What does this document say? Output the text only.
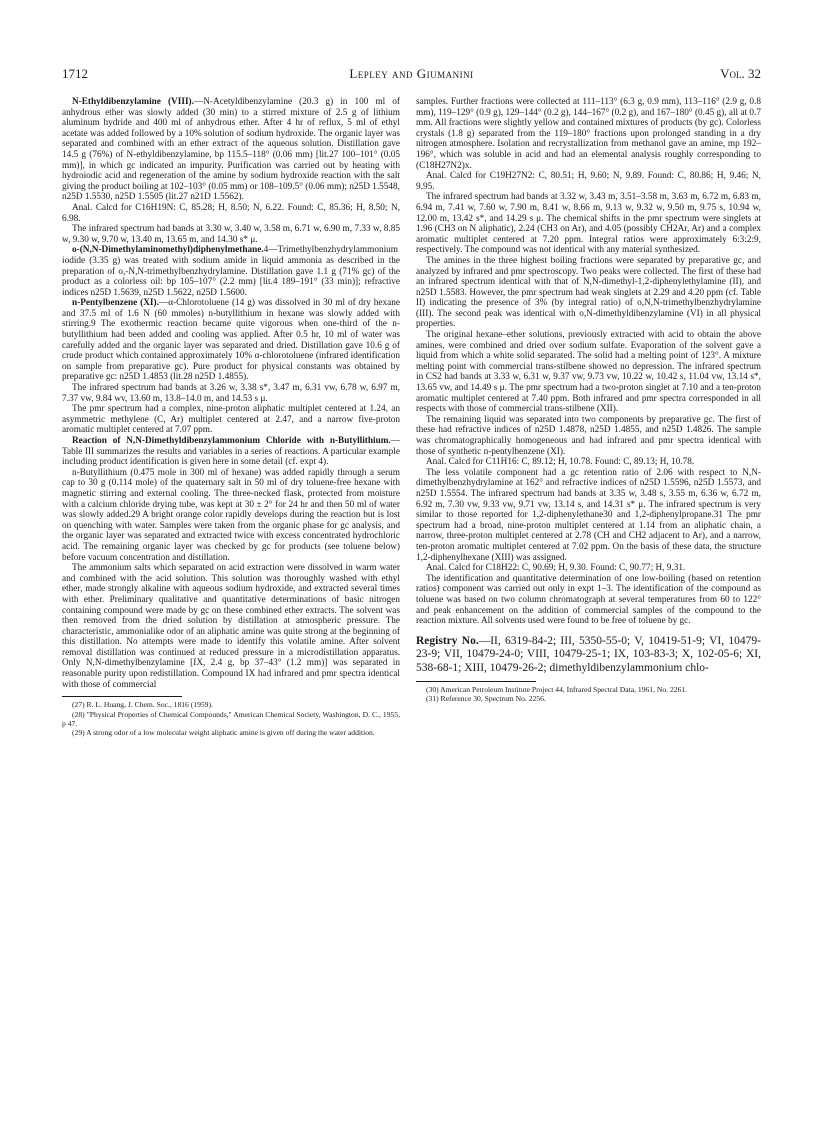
1712	Lepley and Giumanini	Vol. 32

N-Ethyldibenzylamine (VIII).—N-Acetyldibenzylamine (20.3 g) in 100 ml of anhydrous ether was slowly added (30 min) to a stirred mixture of 2.5 g of lithium aluminum hydride and 400 ml of anhydrous ether. After 4 hr of reflux, 5 ml of ethyl acetate was added followed by a 10% solution of sodium hydroxide. The organic layer was separated and combined with an ether extract of the aqueous solution. Distillation gave 14.5 g (76%) of N-ethyldibenzylamine, bp 115.5–118° (0.06 mm) [lit.27 100–101° (0.05 mm)], in which gc indicated an impurity. Purification was carried out by heating with hydroiodic acid and regeneration of the amine by sodium hydroxide reaction with the salt giving the product boiling at 102–103° (0.05 mm) or 108–109.5° (0.06 mm); n25D 1.5548, n25D 1.5530, n25D 1.5505 (lit.27 n21D 1.5562).

Anal. Calcd for C16H19N: C, 85.28; H, 8.50; N, 6.22. Found: C, 85.36; H, 8.50; N, 6.98.

The infrared spectrum had bands at 3.30 w, 3.40 w, 3.58 m, 6.71 w, 6.90 m, 7.33 w, 8.85 w, 9.30 w, 9.70 w, 13.40 m, 13.65 m, and 14.30 s* μ.

o-(N,N-Dimethylaminomethyl)diphenylmethane.4—Trimethylbenzhydrylammonium iodide (3.35 g) was treated with sodium amide in liquid ammonia as described in the preparation of o,-N,N-trimethylbenzhydrylamine. Distillation gave 1.1 g (71% gc) of the product as a colorless oil: bp 105–107° (2.2 mm) [lit.4 189–191° (33 min)]; refractive indices n25D 1.5639, n25D 1.5622, n25D 1.5600.

n-Pentylbenzene (XI).—α-Chlorotoluene (14 g) was dissolved in 30 ml of dry hexane and 37.5 ml of 1.6 N (60 mmoles) n-butyllithium in hexane was slowly added with stirring.9 The exothermic reaction became quite vigorous when one-third of the n-butyllithium had been added and cooling was applied. After 0.5 hr, 10 ml of water was carefully added and the organic layer was separated and dried. Distillation gave 10.6 g of crude product which contained approximately 10% α-chlorotoluene (infrared identification on sample from preparative gc). Pure product for physical constants was obtained by preparative gc: n25D 1.4853 (lit.28 n25D 1.4855).

The infrared spectrum had bands at 3.26 w, 3.38 s*, 3.47 m, 6.31 vw, 6.78 w, 6.97 m, 7.37 vw, 9.84 wv, 13.60 m, 13.8–14.0 m, and 14.53 s μ.

The pmr spectrum had a complex, nine-proton aliphatic multiplet centered at 1.24, an asymmetric methylene (C, Ar) multiplet centered at 2.47, and a narrow five-proton aromatic multiplet centered at 7.07 ppm.

Reaction of N,N-Dimethyldibenzylammonium Chloride with n-Butyllithium.—Table III summarizes the results and variables in a series of reactions. A particular example including product identification is given here in some detail (cf. expt 4).

n-Butyllithium (0.475 mole in 300 ml of hexane) was added rapidly through a serum cap to 30 g (0.114 mole) of the quaternary salt in 50 ml of dry toluene-free hexane with magnetic stirring and external cooling. The three-necked flask, protected from moisture with a calcium chloride drying tube, was kept at 30 ± 2° for 24 hr and then 50 ml of water was slowly added.29 A bright orange color rapidly develops during the reaction but is lost on quenching with water. Samples were taken from the organic phase for gc analysis, and the organic layer was separated and extracted twice with excess concentrated hydrochloric acid. The remaining organic layer was checked by gc for products (see toluene below) before vacuum concentration and distillation.

The ammonium salts which separated on acid extraction were dissolved in warm water and combined with the acid solution. This solution was thoroughly washed with ethyl ether, made strongly alkaline with aqueous sodium hydroxide, and extracted several times with ether. Preliminary qualitative and quantitative determinations of basic nitrogen containing compound were made by gc on these combined ether extracts. The solvent was then removed from the dried solution by distillation at atmospheric pressure. The characteristic, ammonialike odor of an aliphatic amine was quite strong at the beginning of this distillation. No attempts were made to identify this volatile amine. After solvent removal distillation was continued at reduced pressure in a microdistillation apparatus. Only N,N-dimethylbenzylamine [IX, 2.4 g, bp 37–43° (1.2 mm)] was separated in reasonable purity upon redistillation. Compound IX had infrared and pmr spectra identical with those of commercial

(27) R. L. Huang, J. Chem. Soc., 1816 (1959).

(28) "Physical Properties of Chemical Compounds," American Chemical Society, Washington, D. C., 1955, p 47.

(29) A strong odor of a low molecular weight aliphatic amine is given off during the water addition.

samples. Further fractions were collected at 111–113° (6.3 g, 0.9 mm), 113–116° (2.9 g, 0.8 mm), 119–129° (0.9 g), 129–144° (0.2 g), 144–167° (0.2 g), and 167–180° (0.45 g), all at 0.7 mm. All fractions were slightly yellow and contained mixtures of products (by gc). Colorless crystals (1.8 g) separated from the 119–180° fractions upon prolonged standing in a dry nitrogen atmosphere. Isolation and recrystallization from methanol gave an amine, mp 192–196°, which was soluble in acid and had an elemental analysis roughly corresponding to (C18H27N2)x.

Anal. Calcd for C19H27N2: C, 80.51; H, 9.60; N, 9.89. Found: C, 80.86; H, 9.46; N, 9.95.

The infrared spectrum had bands at 3.32 w, 3.43 m, 3.51–3.58 m, 3.63 m, 6.72 m, 6.83 m, 6.94 m, 7.41 w, 7.60 w, 7.90 m, 8.41 w, 8.66 m, 9.13 w, 9.32 w, 9.50 m, 9.75 s, 10.94 w, 12.00 m, 13.42 s*, and 14.29 s μ. The chemical shifts in the pmr spectrum were singlets at 1.96 (CH3 on N aliphatic), 2.24 (CH3 on Ar), and 4.05 (possibly CH2Ar, Ar) and a complex aromatic multiplet centered at 7.20 ppm. Integral ratios were approximately 6:3:2:9, respectively. The compound was not identical with any material synthesized.

The amines in the three highest boiling fractions were separated by preparative gc, and analyzed by infrared and pmr spectroscopy. Two peaks were collected. The first of these had an infrared spectrum identical with that of N,N-dimethyl-1,2-diphenylethylamine (II), and n25D 1.5583. However, the pmr spectrum had weak singlets at 2.29 and 4.20 ppm (cf. Table II) indicating the presence of 3% (by integral ratio) of o,N,N-trimethylbenzhydrylamine (III). The second peak was identical with o,N-dimethyldibenzylamine (VI) in all physical properties.

The original hexane–ether solutions, previously extracted with acid to obtain the above amines, were combined and dried over sodium sulfate. Evaporation of the solvent gave a liquid from which a white solid separated. The solid had a melting point of 123°. A mixture melting point with commercial trans-stilbene showed no depression. The infrared spectrum in CS2 had bands at 3.33 w, 6.31 w, 9.37 vw, 9.73 vw, 10.22 w, 10.42 s, 11.04 vw, 13.14 s*, 13.65 vw, and 14.49 s μ. The pmr spectrum had a two-proton singlet at 7.10 and a ten-proton aromatic multiplet centered at 7.40 ppm. Both infrared and pmr spectra corresponded in all respects with those of commercial trans-stilbene (XII).

The remaining liquid was separated into two components by preparative gc. The first of these had refractive indices of n25D 1.4878, n25D 1.4855, and n25D 1.4826. The sample was chromatographically homogeneous and had infrared and pmr spectra identical with those of synthetic n-pentylbenzene (XI).

Anal. Calcd for C11H16: C, 89.12; H, 10.78. Found: C, 89.13; H, 10.78.

The less volatile component had a gc retention ratio of 2.06 with respect to N,N-dimethylbenzhydrylamine at 162° and refractive indices of n25D 1.5596, n25D 1.5573, and n25D 1.5554. The infrared spectrum had bands at 3.35 w, 3.48 s, 3.55 m, 6.36 w, 6.72 m, 6.92 m, 7.30 vw, 9.33 vw, 9.71 vw, 13.14 s, and 14.31 s* μ. The infrared spectrum is very similar to those reported for 1,2-diphenylethane30 and 1,2-diphenylpropane.31 The pmr spectrum had a broad, nine-proton multiplet centered at 1.14 from an aliphatic chain, a narrow, three-proton multiplet centered at 2.78 (CH and CH2 adjacent to Ar), and a narrow, ten-proton aromatic multiplet centered at 7.02 ppm. On the basis of these data, the structure 1,2-diphenylhexane (XIII) was assigned.

Anal. Calcd for C18H22: C, 90.69; H, 9.30. Found: C, 90.77; H, 9.31.

The identification and quantitative determination of one low-boiling (based on retention ratios) component was carried out only in expt 1–3. The identification of the compound as toluene was based on two column chromatograph at several temperatures from 60 to 122° and peak enhancement on the addition of commercial samples of the compound to the reaction mixture. All solvents used were found to be free of toluene by gc.

Registry No.—II, 6319-84-2; III, 5350-55-0; V, 10419-51-9; VI, 10479-23-9; VII, 10479-24-0; VIII, 10479-25-1; IX, 103-83-3; X, 102-05-6; XI, 538-68-1; XIII, 10479-26-2; dimethyldibenzylammonium chlo-

(30) American Petroleum Institute Project 44, Infrared Spectral Data, 1961, No. 2261.

(31) Reference 30, Spectrum No. 2256.
